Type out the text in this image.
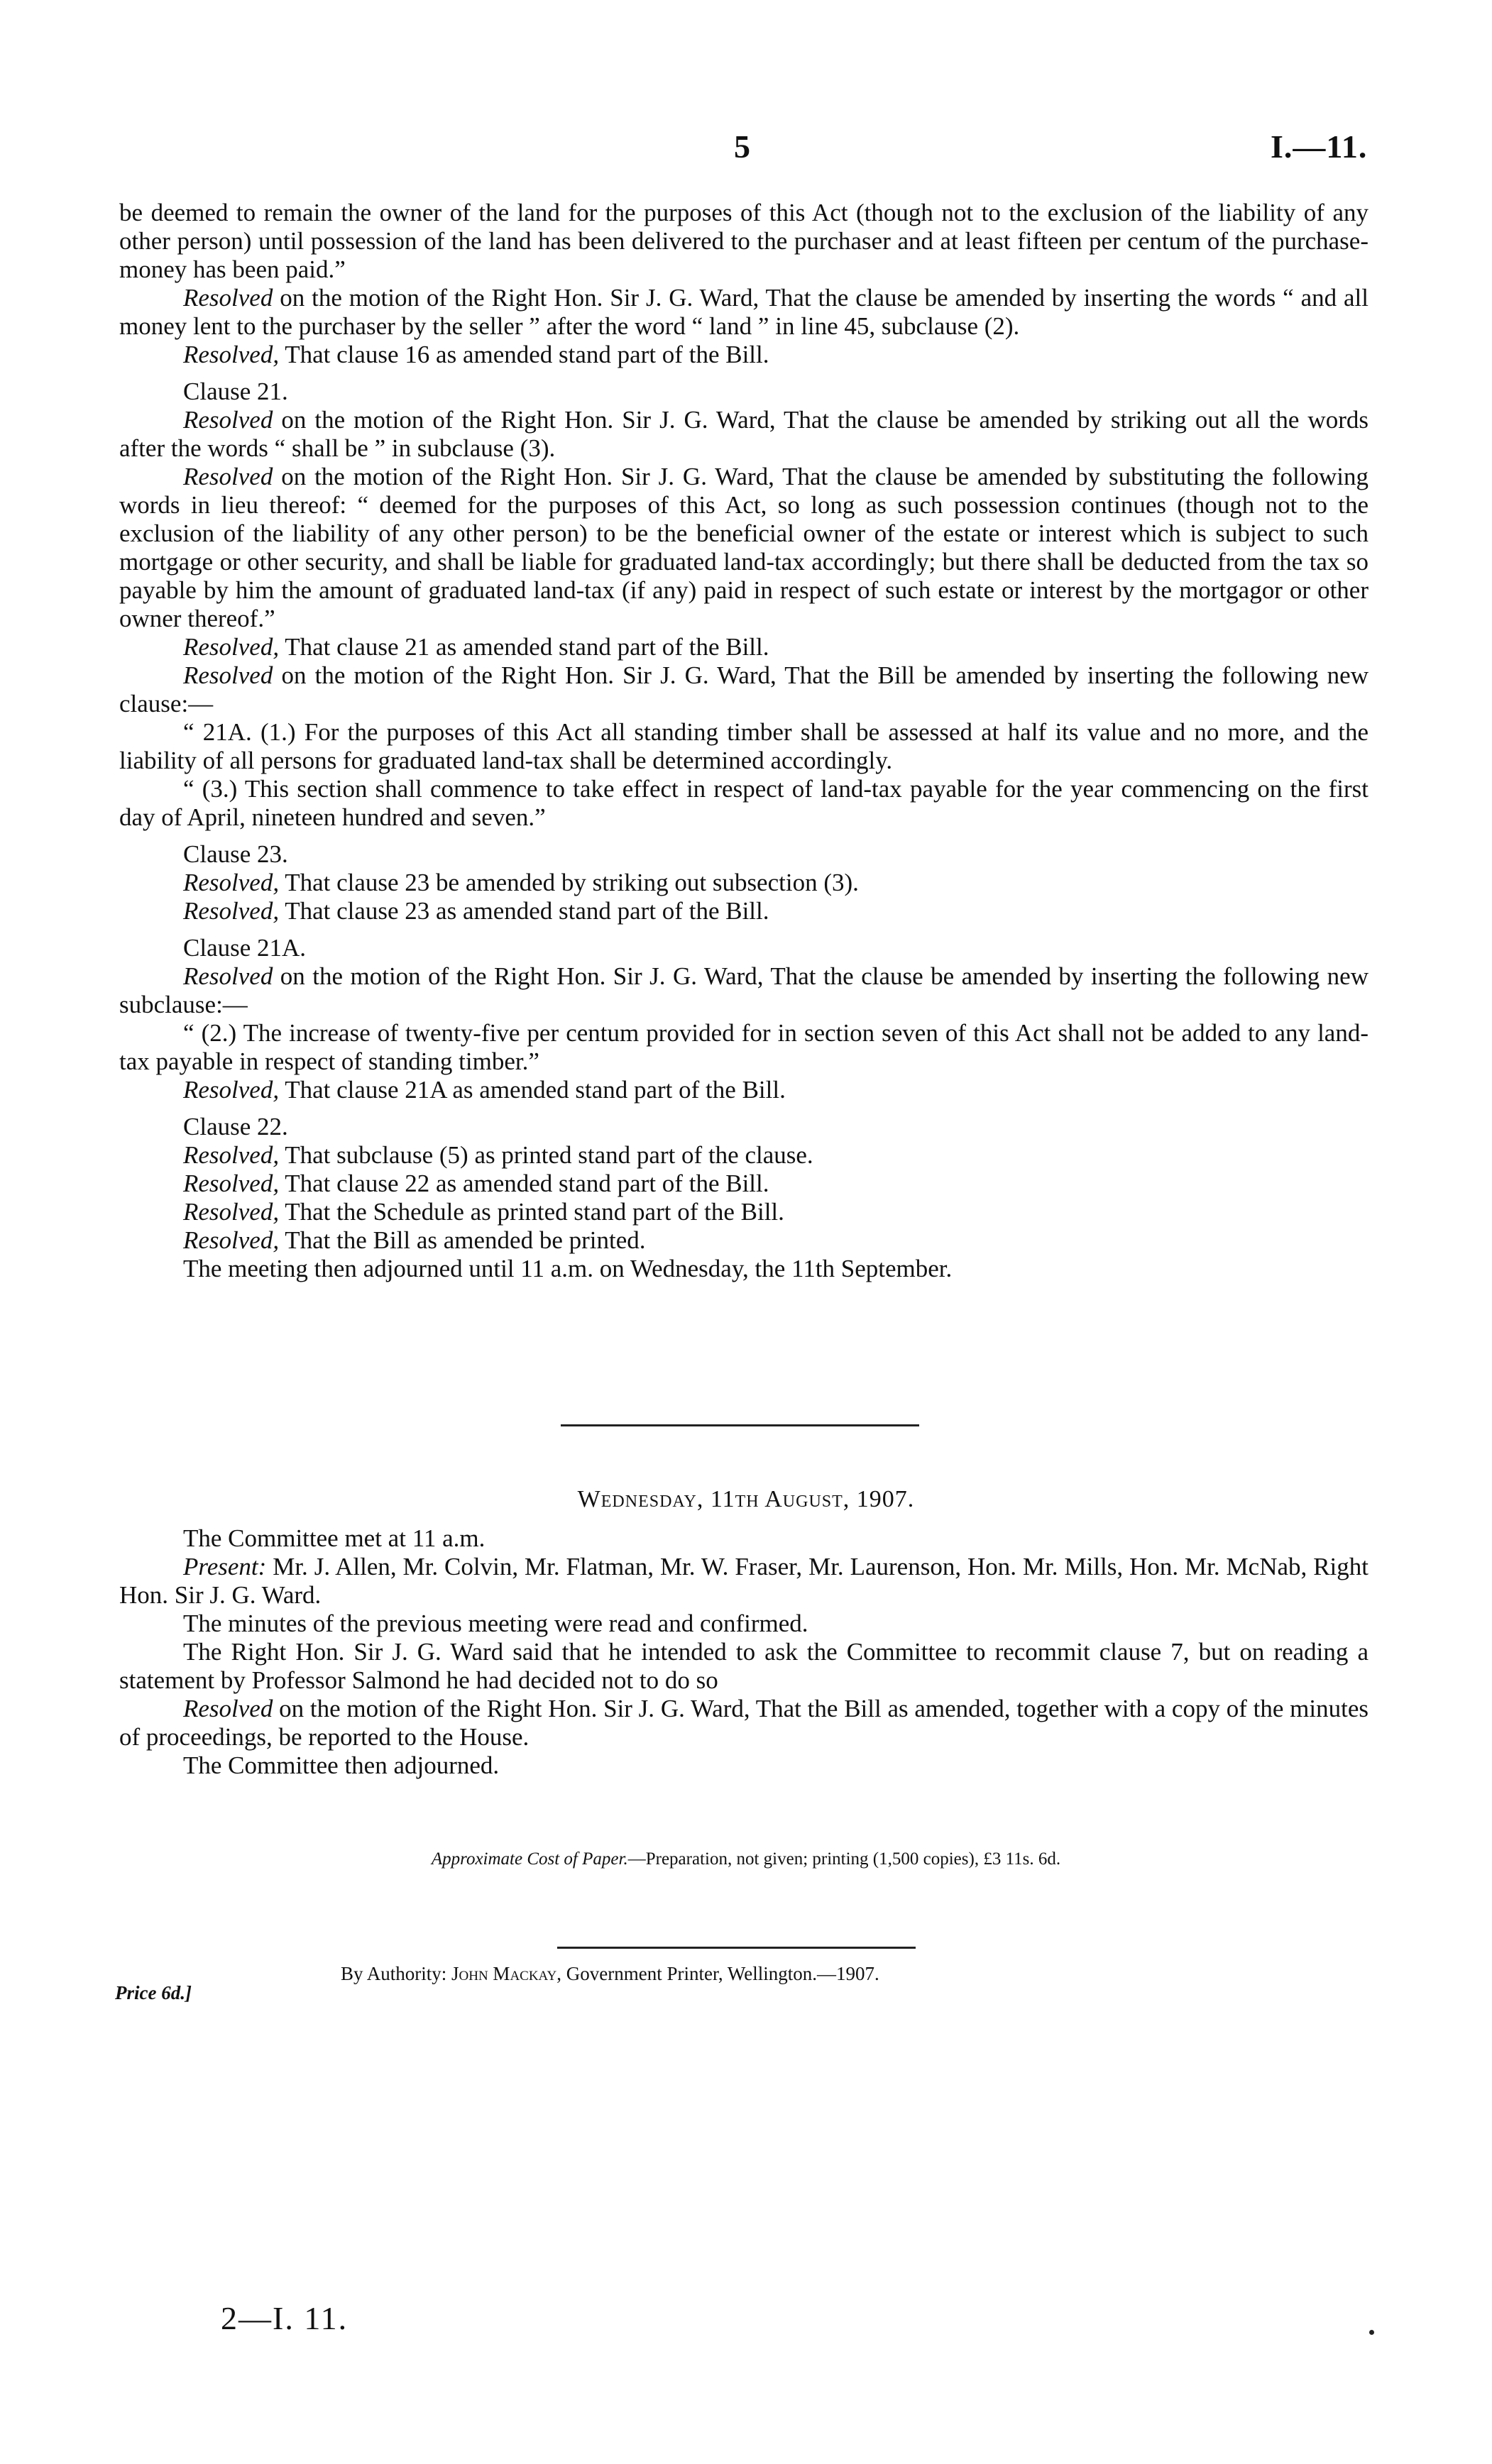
5	I.—11.

be deemed to remain the owner of the land for the purposes of this Act (though not to the exclusion of the liability of any other person) until possession of the land has been delivered to the purchaser and at least fifteen per centum of the purchase-money has been paid.”

Resolved on the motion of the Right Hon. Sir J. G. Ward, That the clause be amended by inserting the words “ and all money lent to the purchaser by the seller ” after the word “ land ” in line 45, subclause (2).

Resolved, That clause 16 as amended stand part of the Bill.

Clause 21.

Resolved on the motion of the Right Hon. Sir J. G. Ward, That the clause be amended by striking out all the words after the words “ shall be ” in subclause (3).

Resolved on the motion of the Right Hon. Sir J. G. Ward, That the clause be amended by substituting the following words in lieu thereof: “ deemed for the purposes of this Act, so long as such possession continues (though not to the exclusion of the liability of any other person) to be the beneficial owner of the estate or interest which is subject to such mortgage or other security, and shall be liable for graduated land-tax accordingly; but there shall be deducted from the tax so payable by him the amount of graduated land-tax (if any) paid in respect of such estate or interest by the mortgagor or other owner thereof.”

Resolved, That clause 21 as amended stand part of the Bill.

Resolved on the motion of the Right Hon. Sir J. G. Ward, That the Bill be amended by inserting the following new clause:—

“ 21A. (1.) For the purposes of this Act all standing timber shall be assessed at half its value and no more, and the liability of all persons for graduated land-tax shall be determined accordingly.

“ (3.) This section shall commence to take effect in respect of land-tax payable for the year commencing on the first day of April, nineteen hundred and seven.”

Clause 23.

Resolved, That clause 23 be amended by striking out subsection (3).

Resolved, That clause 23 as amended stand part of the Bill.

Clause 21A.

Resolved on the motion of the Right Hon. Sir J. G. Ward, That the clause be amended by inserting the following new subclause:—

“ (2.) The increase of twenty-five per centum provided for in section seven of this Act shall not be added to any land-tax payable in respect of standing timber.”

Resolved, That clause 21A as amended stand part of the Bill.

Clause 22.

Resolved, That subclause (5) as printed stand part of the clause.

Resolved, That clause 22 as amended stand part of the Bill.

Resolved, That the Schedule as printed stand part of the Bill.

Resolved, That the Bill as amended be printed.

The meeting then adjourned until 11 a.m. on Wednesday, the 11th September.

Wednesday, 11th August, 1907.

The Committee met at 11 a.m.

Present: Mr. J. Allen, Mr. Colvin, Mr. Flatman, Mr. W. Fraser, Mr. Laurenson, Hon. Mr. Mills, Hon. Mr. McNab, Right Hon. Sir J. G. Ward.

The minutes of the previous meeting were read and confirmed.

The Right Hon. Sir J. G. Ward said that he intended to ask the Committee to recommit clause 7, but on reading a statement by Professor Salmond he had decided not to do so

Resolved on the motion of the Right Hon. Sir J. G. Ward, That the Bill as amended, together with a copy of the minutes of proceedings, be reported to the House.

The Committee then adjourned.

Approximate Cost of Paper.—Preparation, not given; printing (1,500 copies), £3 11s. 6d.
By Authority: John Mackay, Government Printer, Wellington.—1907.
Price 6d.]
2—I. 11.
